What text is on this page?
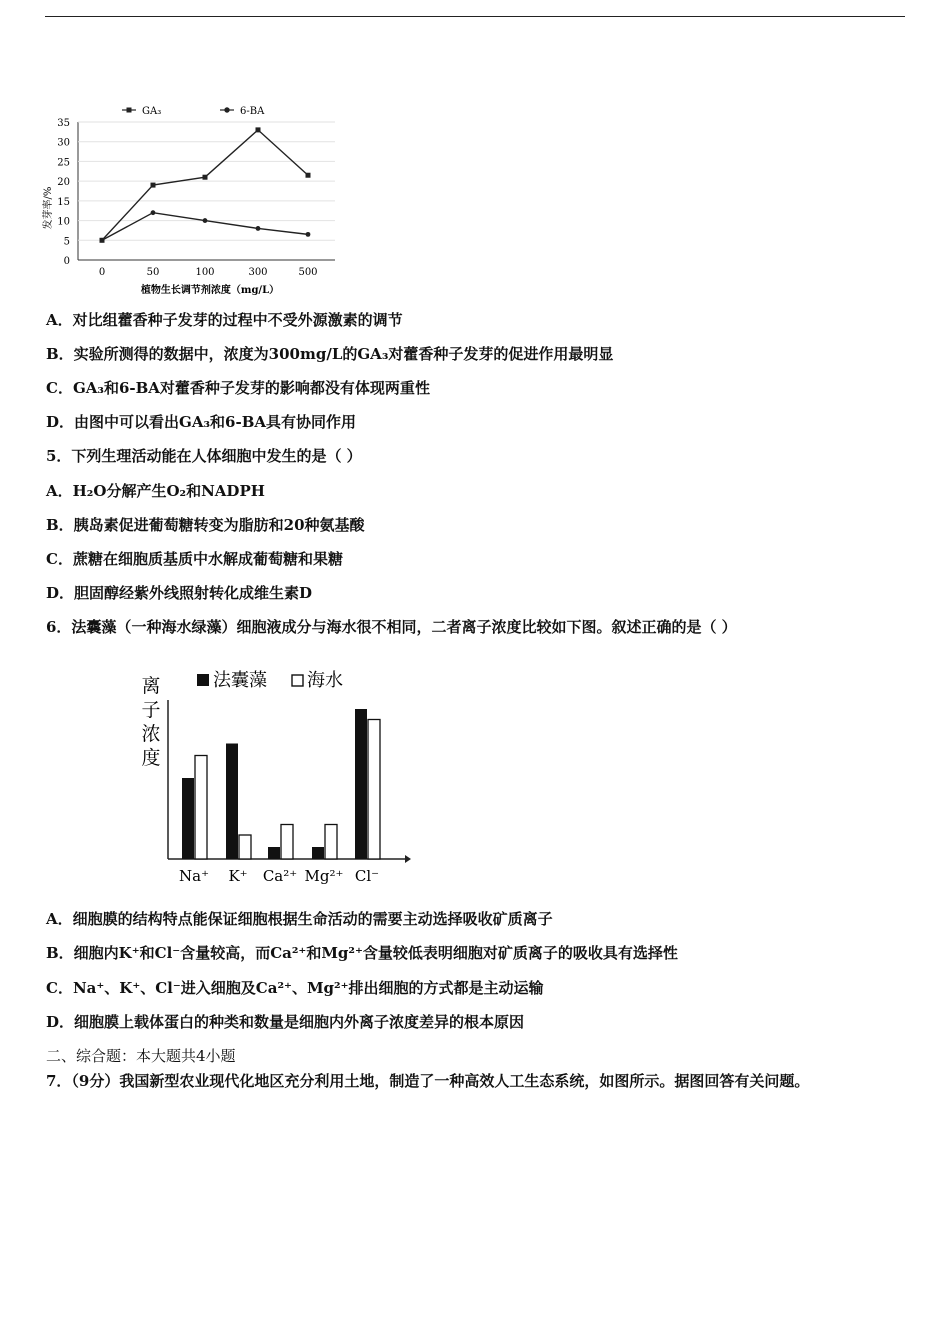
GA₃	6-BA
发芽率/%
0
5
10
15
20
25
30
35
0	50	100	300	500
植物生长调节剂浓度（mg/L）
A．对比组藿香种子发芽的过程中不受外源激素的调节
B．实验所测得的数据中，浓度为300mg/L的GA₃对藿香种子发芽的促进作用最明显
C．GA₃和6-BA对藿香种子发芽的影响都没有体现两重性
D．由图中可以看出GA₃和6-BA具有协同作用
5．下列生理活动能在人体细胞中发生的是（ ）
A．H₂O分解产生O₂和NADPH
B．胰岛素促进葡萄糖转变为脂肪和20种氨基酸
C．蔗糖在细胞质基质中水解成葡萄糖和果糖
D．胆固醇经紫外线照射转化成维生素D
6．法囊藻（一种海水绿藻）细胞液成分与海水很不相同，二者离子浓度比较如下图。叙述正确的是（ ）
法囊藻 海水
离子浓度
Na⁺ K⁺ Ca²⁺ Mg²⁺ Cl⁻
A．细胞膜的结构特点能保证细胞根据生命活动的需要主动选择吸收矿质离子
B．细胞内K⁺和Cl⁻含量较高，而Ca²⁺和Mg²⁺含量较低表明细胞对矿质离子的吸收具有选择性
C．Na⁺、K⁺、Cl⁻进入细胞及Ca²⁺、Mg²⁺排出细胞的方式都是主动运输
D．细胞膜上载体蛋白的种类和数量是细胞内外离子浓度差异的根本原因
二、综合题：本大题共4小题
7．（9分）我国新型农业现代化地区充分利用土地，制造了一种高效人工生态系统，如图所示。据图回答有关问题。
